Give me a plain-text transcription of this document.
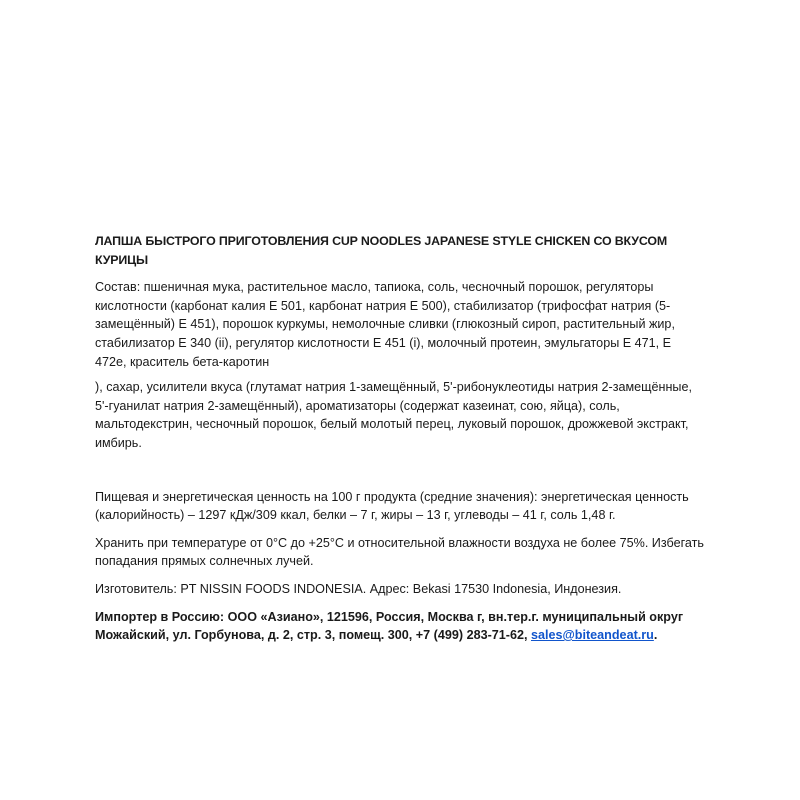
ЛАПША БЫСТРОГО ПРИГОТОВЛЕНИЯ CUP NOODLES JAPANESE STYLE CHICKEN СО ВКУСОМ КУРИЦЫ

Состав: пшеничная мука, растительное масло, тапиока, соль, чесночный порошок, регуляторы кислотности (карбонат калия Е 501, карбонат натрия Е 500), стабилизатор (трифосфат натрия (5-замещённый) Е 451), порошок куркумы, немолочные сливки (глюкозный сироп, растительный жир, стабилизатор Е 340 (ii), регулятор кислотности Е 451 (i), молочный протеин, эмульгаторы Е 471, Е 472е, краситель бета-каротин

), сахар, усилители вкуса (глутамат натрия 1-замещённый, 5'-рибонуклеотиды натрия 2-замещённые, 5'-гуанилат натрия 2-замещённый), ароматизаторы (содержат казеинат, сою, яйца), соль, мальтодекстрин, чесночный порошок, белый молотый перец, луковый порошок, дрожжевой экстракт, имбирь.

Пищевая и энергетическая ценность на 100 г продукта (средние значения): энергетическая ценность (калорийность) – 1297 кДж/309 ккал, белки – 7 г, жиры – 13 г, углеводы – 41 г, соль 1,48 г.

Хранить при температуре от 0°С до +25°С и относительной влажности воздуха не более 75%. Избегать попадания прямых солнечных лучей.

Изготовитель: PT NISSIN FOODS INDONESIA. Адрес: Bekasi 17530 Indonesia, Индонезия.

Импортер в Россию: ООО «Азиано», 121596, Россия, Москва г, вн.тер.г. муниципальный округ Можайский, ул. Горбунова, д. 2, стр. 3, помещ. 300, +7 (499) 283-71-62, sales@biteandeat.ru.
